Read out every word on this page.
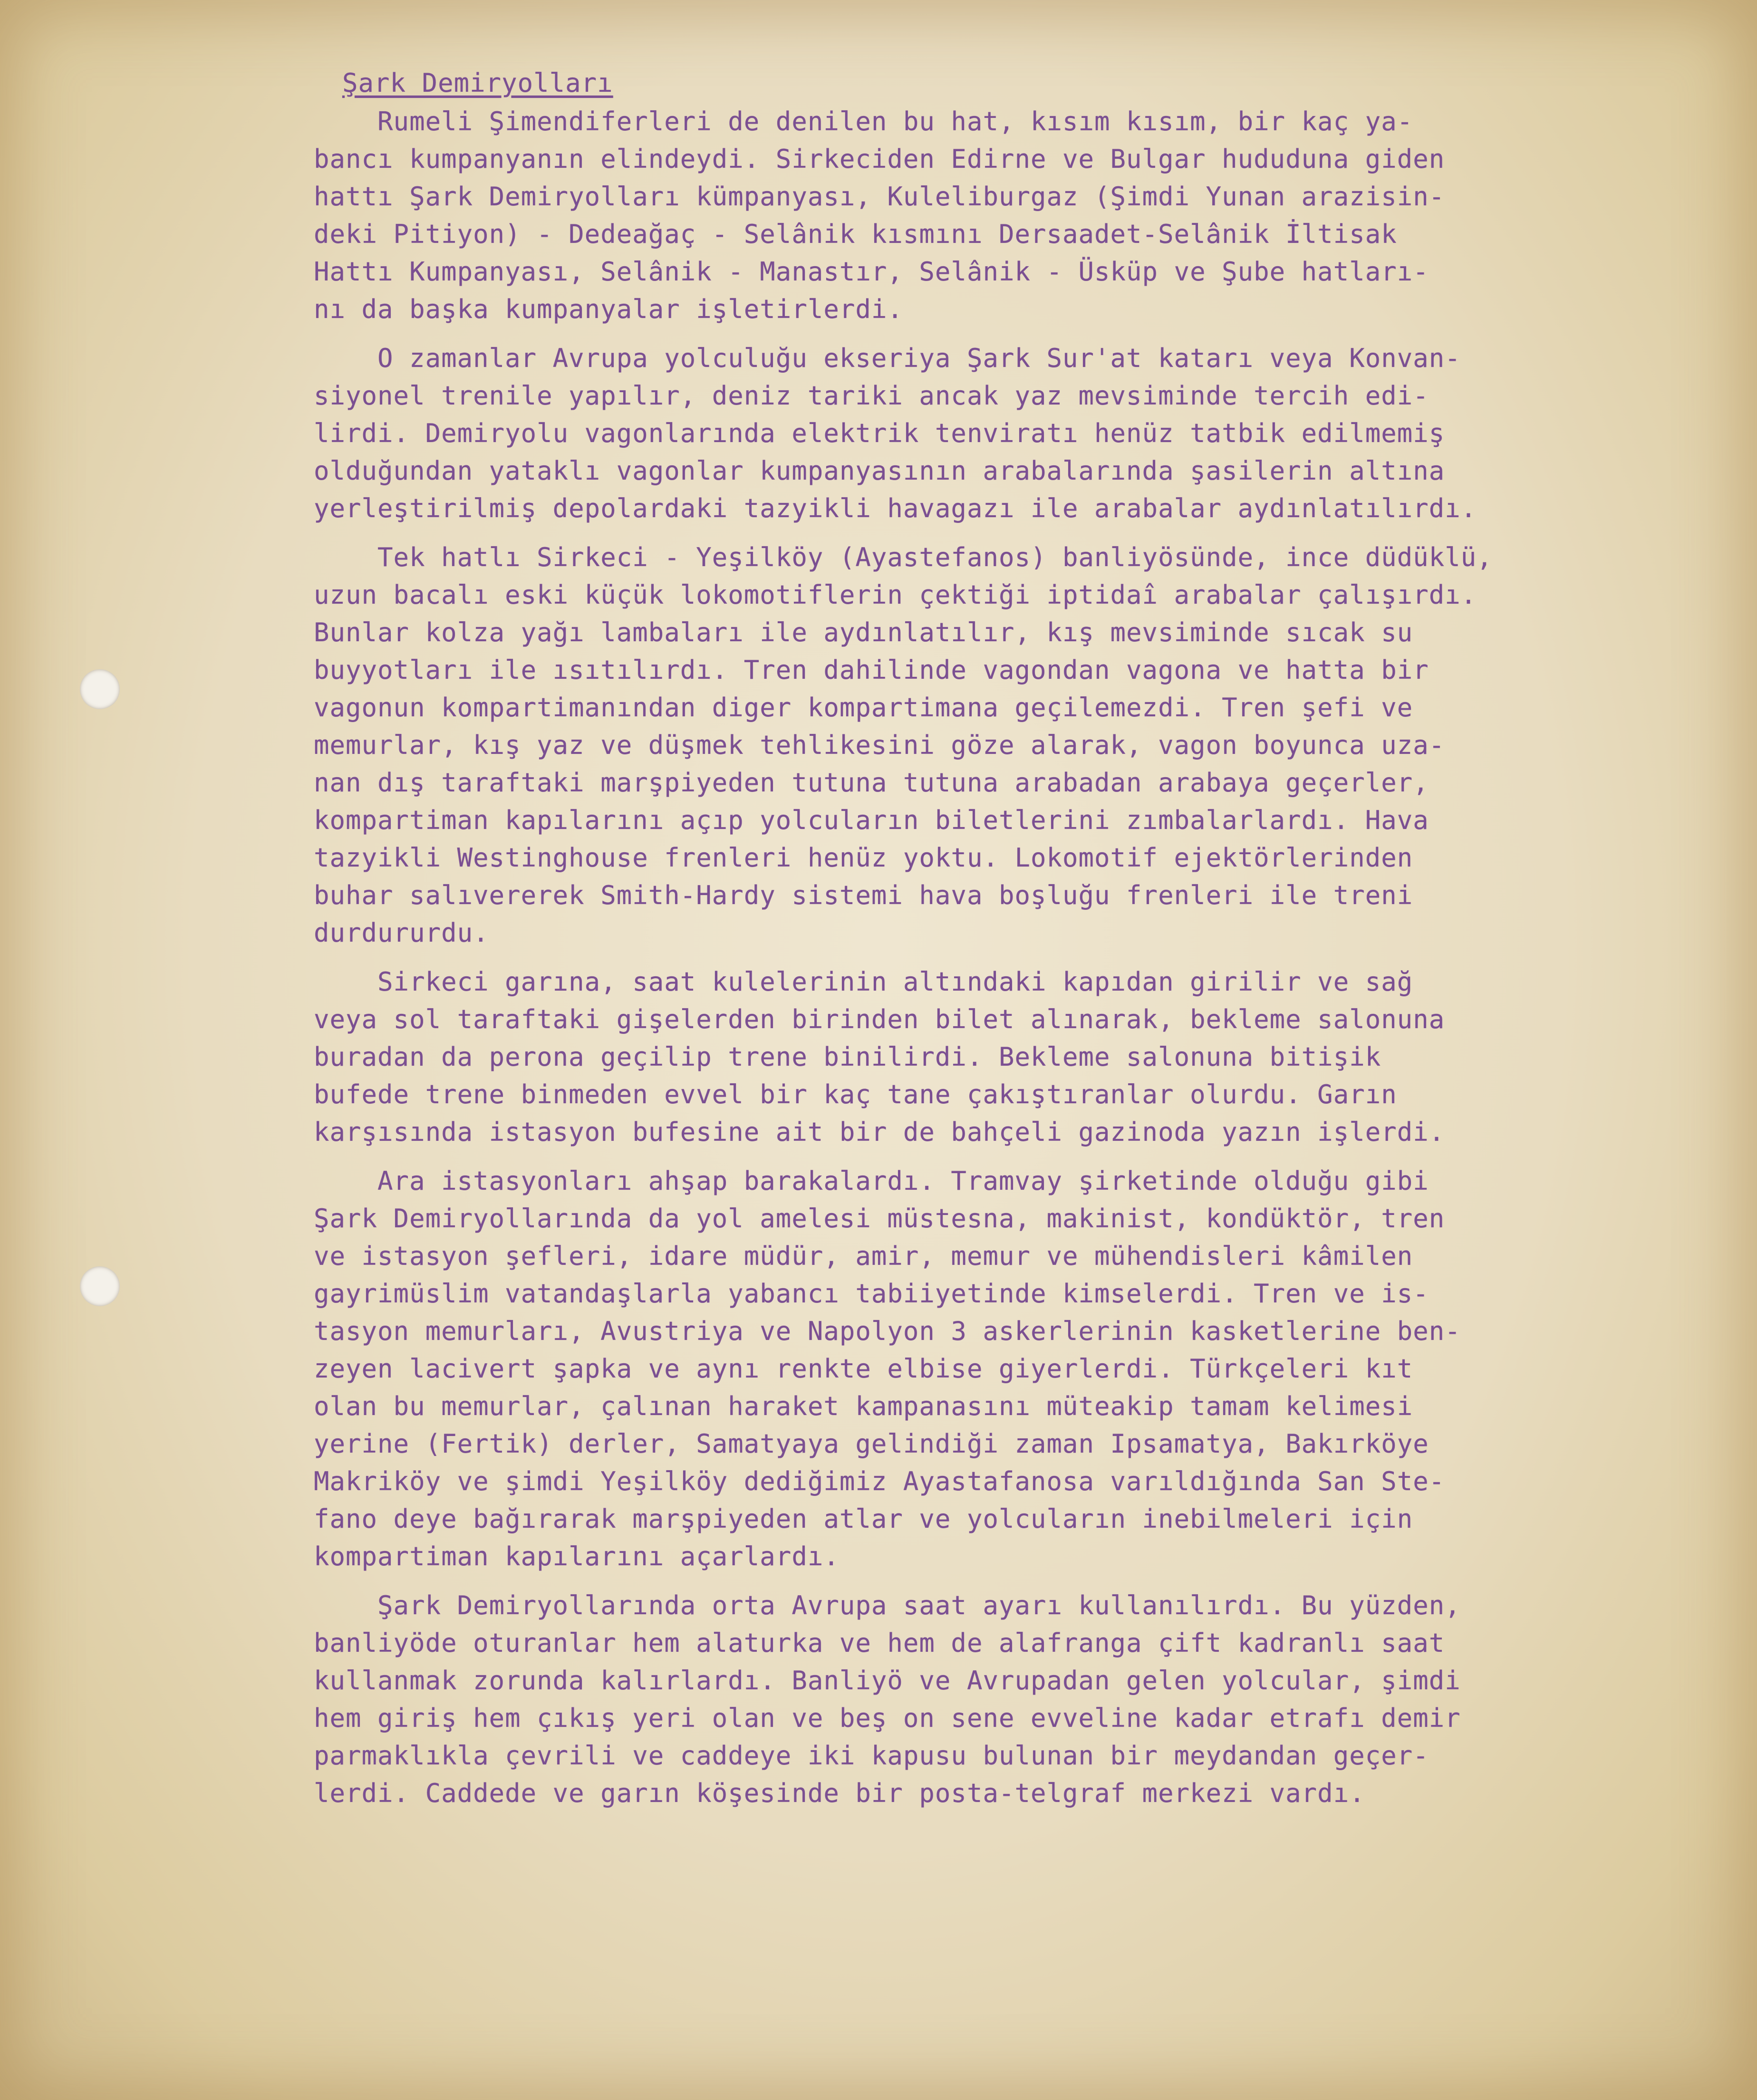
Şark Demiryolları
Rumeli Şimendiferleri de denilen bu hat, kısım kısım, bir kaç ya-
bancı kumpanyanın elindeydi. Sirkeciden Edirne ve Bulgar hududuna giden
hattı Şark Demiryolları kümpanyası, Kuleliburgaz (Şimdi Yunan arazisin-
deki Pitiyon) - Dedeağaç - Selânik kısmını Dersaadet-Selânik İltisak
Hattı Kumpanyası, Selânik - Manastır, Selânik - Üsküp ve Şube hatları-
nı da başka kumpanyalar işletirlerdi.
O zamanlar Avrupa yolculuğu ekseriya Şark Sur'at katarı veya Konvan-
siyonel trenile yapılır, deniz tariki ancak yaz mevsiminde tercih edi-
lirdi. Demiryolu vagonlarında elektrik tenviratı henüz tatbik edilmemiş
olduğundan yataklı vagonlar kumpanyasının arabalarında şasilerin altına
yerleştirilmiş depolardaki tazyikli havagazı ile arabalar aydınlatılırdı.
Tek hatlı Sirkeci - Yeşilköy (Ayastefanos) banliyösünde, ince düdüklü,
uzun bacalı eski küçük lokomotiflerin çektiği iptidaî arabalar çalışırdı.
Bunlar kolza yağı lambaları ile aydınlatılır, kış mevsiminde sıcak su
buyyotları ile ısıtılırdı. Tren dahilinde vagondan vagona ve hatta bir
vagonun kompartimanından diger kompartimana geçilemezdi. Tren şefi ve
memurlar, kış yaz ve düşmek tehlikesini göze alarak, vagon boyunca uza-
nan dış taraftaki marşpiyeden tutuna tutuna arabadan arabaya geçerler,
kompartiman kapılarını açıp yolcuların biletlerini zımbalarlardı. Hava
tazyikli Westinghouse frenleri henüz yoktu. Lokomotif ejektörlerinden
buhar salıvererek Smith-Hardy sistemi hava boşluğu frenleri ile treni
durdururdu.
Sirkeci garına, saat kulelerinin altındaki kapıdan girilir ve sağ
veya sol taraftaki gişelerden birinden bilet alınarak, bekleme salonuna
buradan da perona geçilip trene binilirdi. Bekleme salonuna bitişik
bufede trene binmeden evvel bir kaç tane çakıştıranlar olurdu. Garın
karşısında istasyon bufesine ait bir de bahçeli gazinoda yazın işlerdi.
Ara istasyonları ahşap barakalardı. Tramvay şirketinde olduğu gibi
Şark Demiryollarında da yol amelesi müstesna, makinist, kondüktör, tren
ve istasyon şefleri, idare müdür, amir, memur ve mühendisleri kâmilen
gayrimüslim vatandaşlarla yabancı tabiiyetinde kimselerdi. Tren ve is-
tasyon memurları, Avustriya ve Napolyon 3 askerlerinin kasketlerine ben-
zeyen lacivert şapka ve aynı renkte elbise giyerlerdi. Türkçeleri kıt
olan bu memurlar, çalınan haraket kampanasını müteakip tamam kelimesi
yerine (Fertik) derler, Samatyaya gelindiği zaman Ipsamatya, Bakırköye
Makriköy ve şimdi Yeşilköy dediğimiz Ayastafanosa varıldığında San Ste-
fano deye bağırarak marşpiyeden atlar ve yolcuların inebilmeleri için
kompartiman kapılarını açarlardı.
Şark Demiryollarında orta Avrupa saat ayarı kullanılırdı. Bu yüzden,
banliyöde oturanlar hem alaturka ve hem de alafranga çift kadranlı saat
kullanmak zorunda kalırlardı. Banliyö ve Avrupadan gelen yolcular, şimdi
hem giriş hem çıkış yeri olan ve beş on sene evveline kadar etrafı demir
parmaklıkla çevrili ve caddeye iki kapusu bulunan bir meydandan geçer-
lerdi. Caddede ve garın köşesinde bir posta-telgraf merkezi vardı.
